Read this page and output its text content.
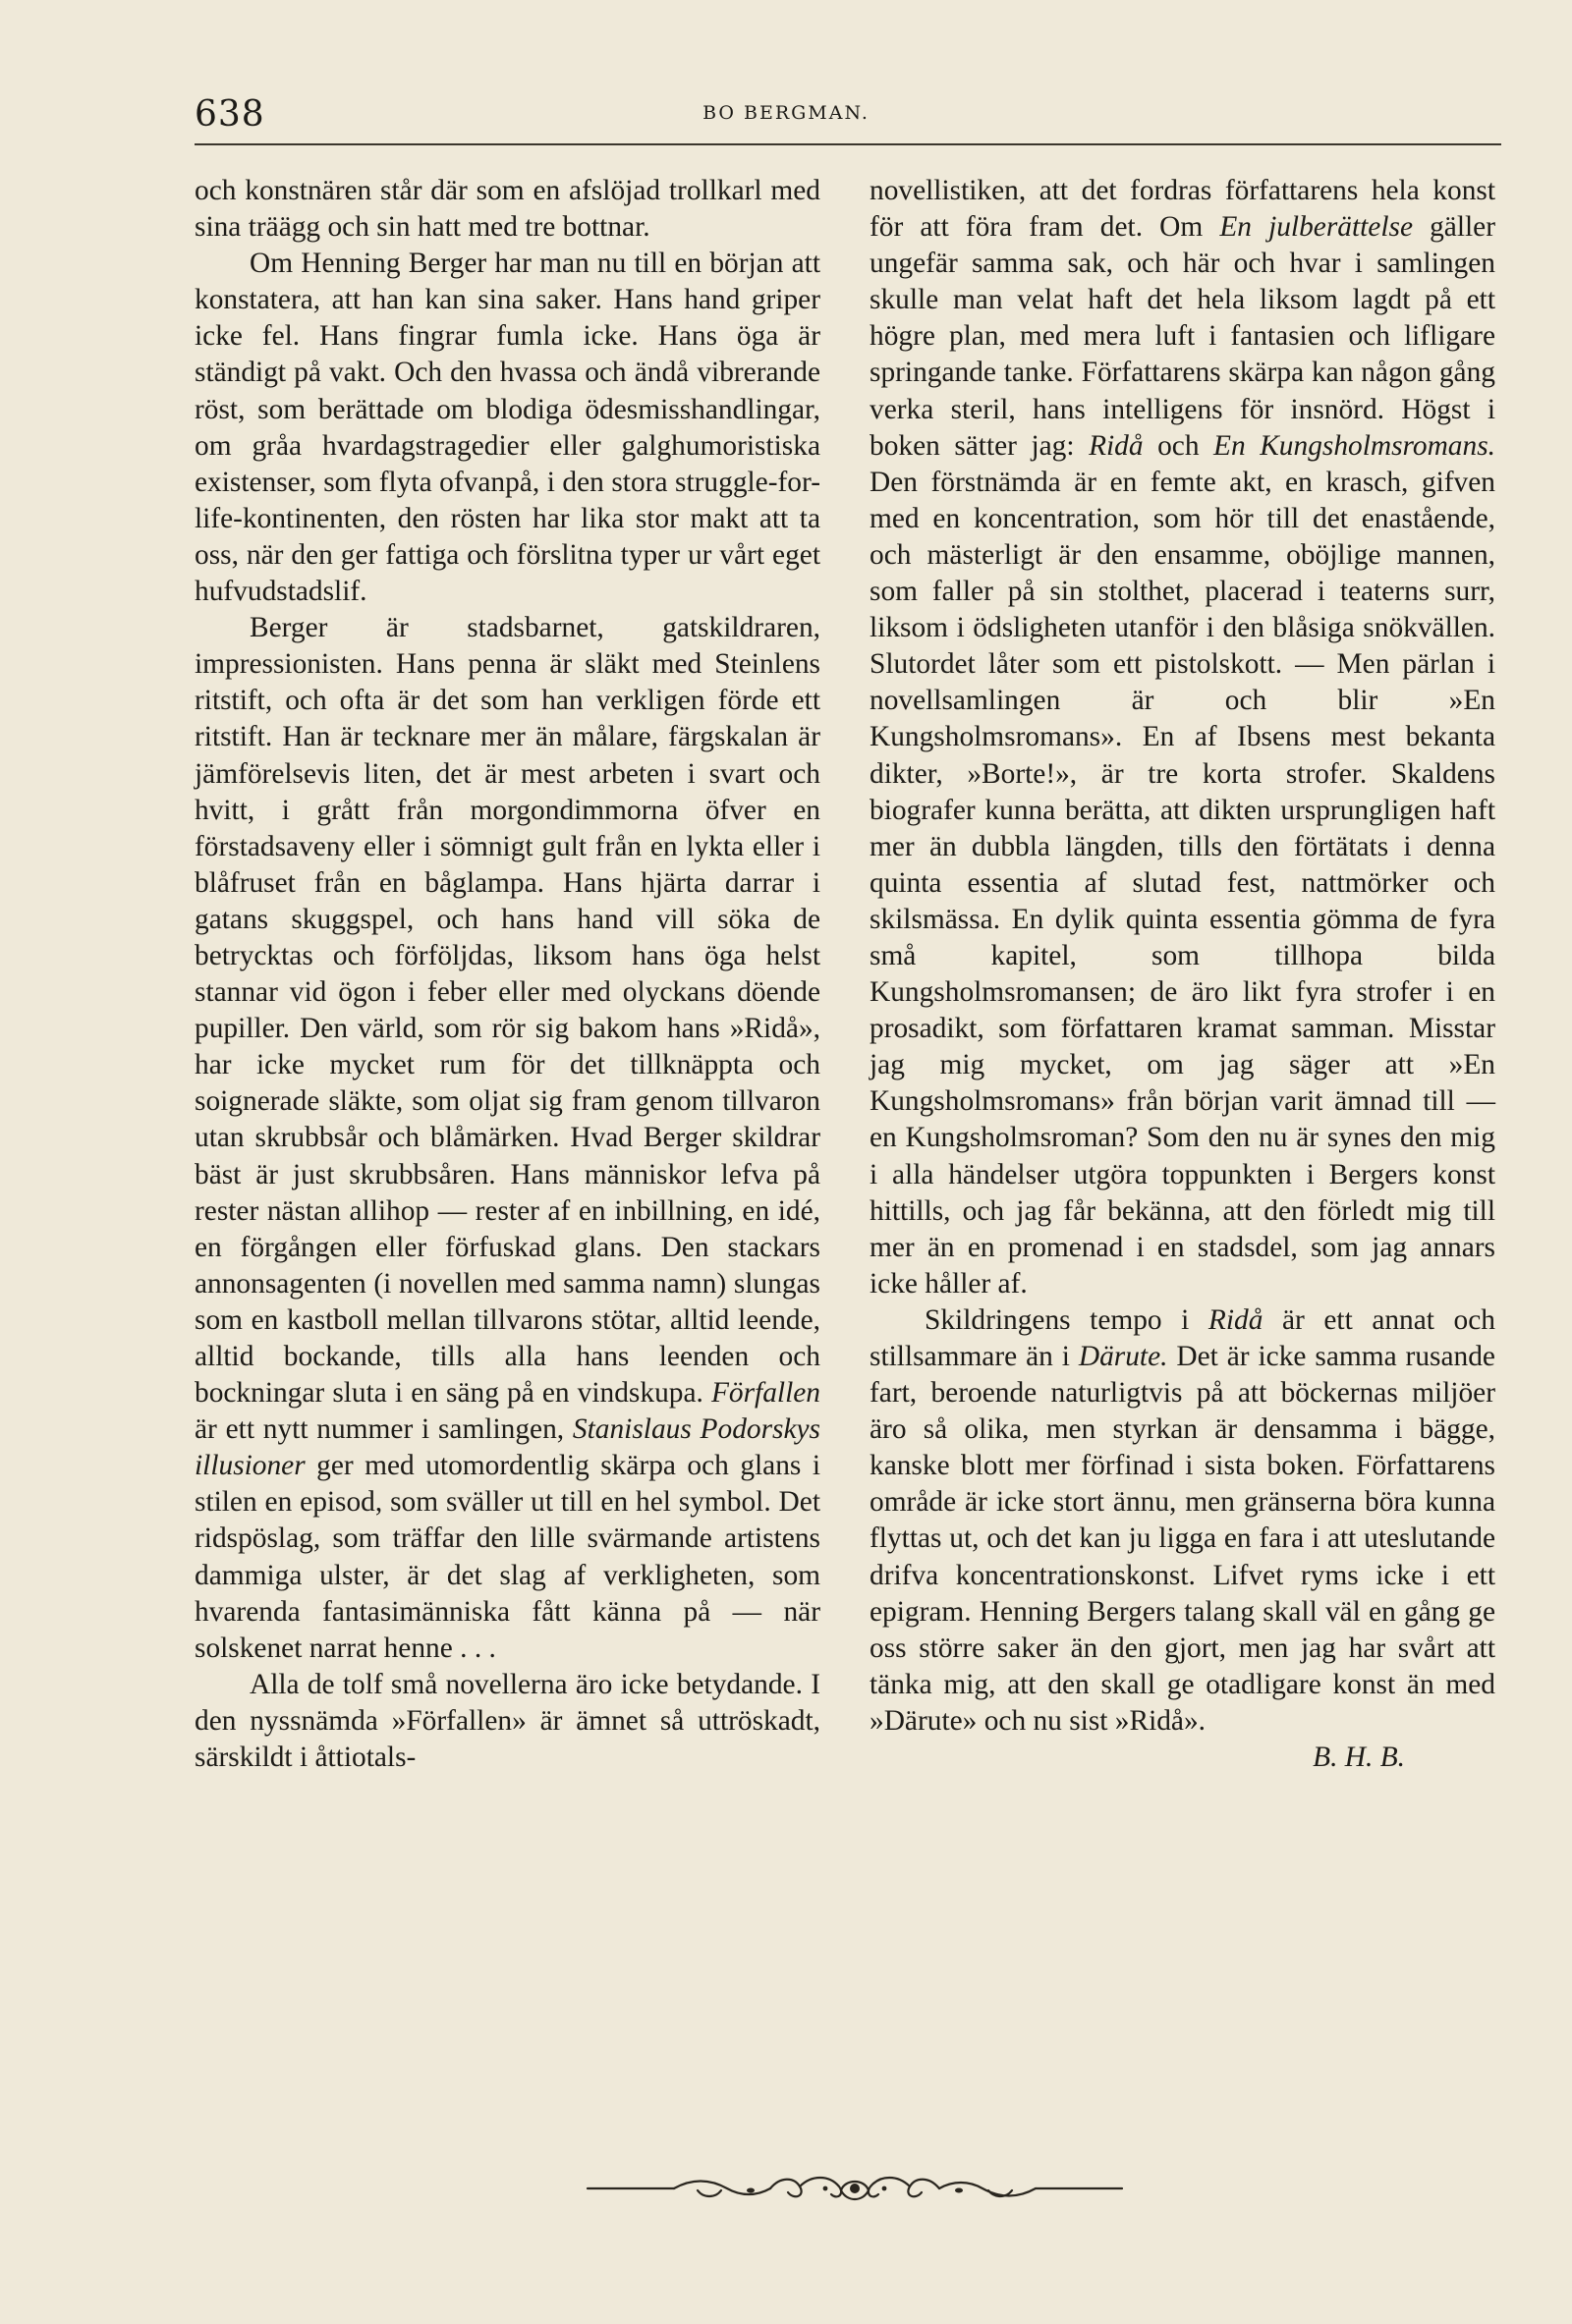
638	BO BERGMAN.

och konstnären står där som en afslöjad trollkarl med sina träägg och sin hatt med tre bottnar.

Om Henning Berger har man nu till en början att konstatera, att han kan sina saker. Hans hand griper icke fel. Hans fingrar fumla icke. Hans öga är ständigt på vakt. Och den hvassa och ändå vibrerande röst, som berättade om blodiga ödesmisshandlingar, om gråa hvardagstragedier eller galghumoristiska existenser, som flyta ofvanpå, i den stora struggle-for-life-kontinenten, den rösten har lika stor makt att ta oss, när den ger fattiga och förslitna typer ur vårt eget hufvudstadslif.

Berger är stadsbarnet, gatskildraren, impressionisten. Hans penna är släkt med Steinlens ritstift, och ofta är det som han verkligen förde ett ritstift. Han är tecknare mer än målare, färgskalan är jämförelsevis liten, det är mest arbeten i svart och hvitt, i grått från morgondimmorna öfver en förstadsaveny eller i sömnigt gult från en lykta eller i blåfruset från en båglampa. Hans hjärta darrar i gatans skuggspel, och hans hand vill söka de betrycktas och förföljdas, liksom hans öga helst stannar vid ögon i feber eller med olyckans döende pupiller. Den värld, som rör sig bakom hans »Ridå», har icke mycket rum för det tillknäppta och soignerade släkte, som oljat sig fram genom tillvaron utan skrubbsår och blåmärken. Hvad Berger skildrar bäst är just skrubbsåren. Hans människor lefva på rester nästan allihop — rester af en inbillning, en idé, en förgången eller förfuskad glans. Den stackars annonsagenten (i novellen med samma namn) slungas som en kastboll mellan tillvarons stötar, alltid leende, alltid bockande, tills alla hans leenden och bockningar sluta i en säng på en vindskupa. Förfallen är ett nytt nummer i samlingen, Stanislaus Podorskys illusioner ger med utomordentlig skärpa och glans i stilen en episod, som sväller ut till en hel symbol. Det ridspöslag, som träffar den lille svärmande artistens dammiga ulster, är det slag af verkligheten, som hvarenda fantasimänniska fått känna på — när solskenet narrat henne . . .

Alla de tolf små novellerna äro icke betydande. I den nyssnämda »Förfallen» är ämnet så uttröskadt, särskildt i åttiotals-

novellistiken, att det fordras författarens hela konst för att föra fram det. Om En julberättelse gäller ungefär samma sak, och här och hvar i samlingen skulle man velat haft det hela liksom lagdt på ett högre plan, med mera luft i fantasien och lifligare springande tanke. Författarens skärpa kan någon gång verka steril, hans intelligens för insnörd. Högst i boken sätter jag: Ridå och En Kungsholmsromans. Den förstnämda är en femte akt, en krasch, gifven med en koncentration, som hör till det enastående, och mästerligt är den ensamme, oböjlige mannen, som faller på sin stolthet, placerad i teaterns surr, liksom i ödsligheten utanför i den blåsiga snökvällen. Slutordet låter som ett pistolskott. — Men pärlan i novellsamlingen är och blir »En Kungsholmsromans». En af Ibsens mest bekanta dikter, »Borte!», är tre korta strofer. Skaldens biografer kunna berätta, att dikten ursprungligen haft mer än dubbla längden, tills den förtätats i denna quinta essentia af slutad fest, nattmörker och skilsmässa. En dylik quinta essentia gömma de fyra små kapitel, som tillhopa bilda Kungsholmsromansen; de äro likt fyra strofer i en prosadikt, som författaren kramat samman. Misstar jag mig mycket, om jag säger att »En Kungsholmsromans» från början varit ämnad till — en Kungsholmsroman? Som den nu är synes den mig i alla händelser utgöra toppunkten i Bergers konst hittills, och jag får bekänna, att den förledt mig till mer än en promenad i en stadsdel, som jag annars icke håller af.

Skildringens tempo i Ridå är ett annat och stillsammare än i Därute. Det är icke samma rusande fart, beroende naturligtvis på att böckernas miljöer äro så olika, men styrkan är densamma i bägge, kanske blott mer förfinad i sista boken. Författarens område är icke stort ännu, men gränserna böra kunna flyttas ut, och det kan ju ligga en fara i att uteslutande drifva koncentrationskonst. Lifvet ryms icke i ett epigram. Henning Bergers talang skall väl en gång ge oss större saker än den gjort, men jag har svårt att tänka mig, att den skall ge otadligare konst än med »Därute» och nu sist »Ridå».

B. H. B.
